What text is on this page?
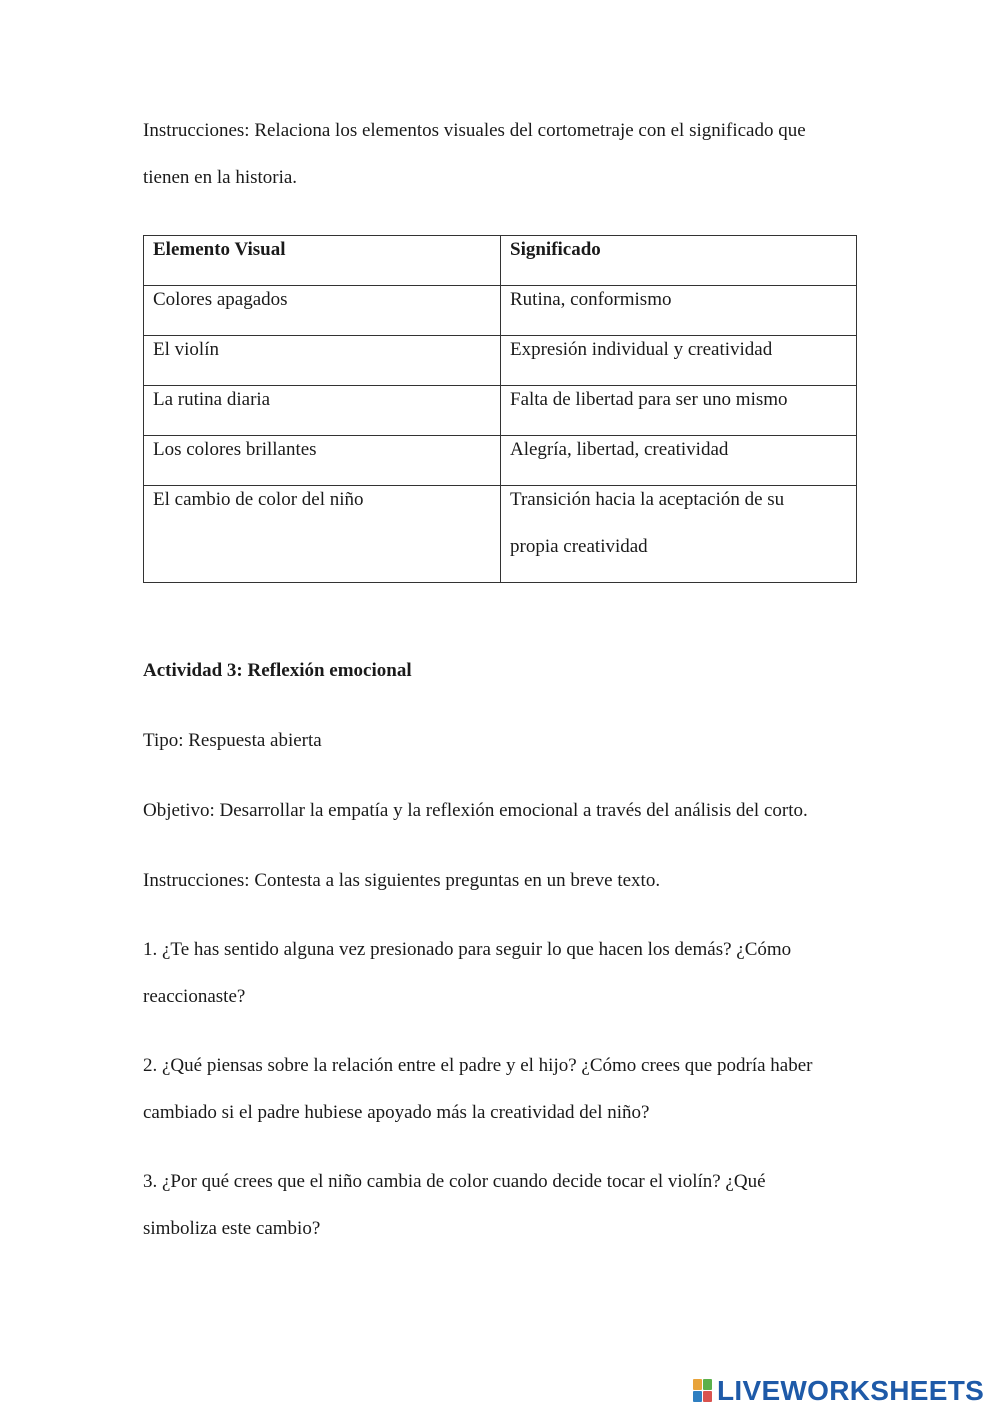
Instrucciones: Relaciona los elementos visuales del cortometraje con el significado que

tienen en la historia.

Elemento Visual	Significado
Colores apagados	Rutina, conformismo
El violín	Expresión individual y creatividad
La rutina diaria	Falta de libertad para ser uno mismo
Los colores brillantes	Alegría, libertad, creatividad
El cambio de color del niño	Transición hacia la aceptación de su
propia creatividad

Actividad 3: Reflexión emocional

Tipo: Respuesta abierta

Objetivo: Desarrollar la empatía y la reflexión emocional a través del análisis del corto.

Instrucciones: Contesta a las siguientes preguntas en un breve texto.

1. ¿Te has sentido alguna vez presionado para seguir lo que hacen los demás? ¿Cómo

reaccionaste?

2. ¿Qué piensas sobre la relación entre el padre y el hijo? ¿Cómo crees que podría haber

cambiado si el padre hubiese apoyado más la creatividad del niño?

3. ¿Por qué crees que el niño cambia de color cuando decide tocar el violín? ¿Qué

simboliza este cambio?

LIVEWORKSHEETS
